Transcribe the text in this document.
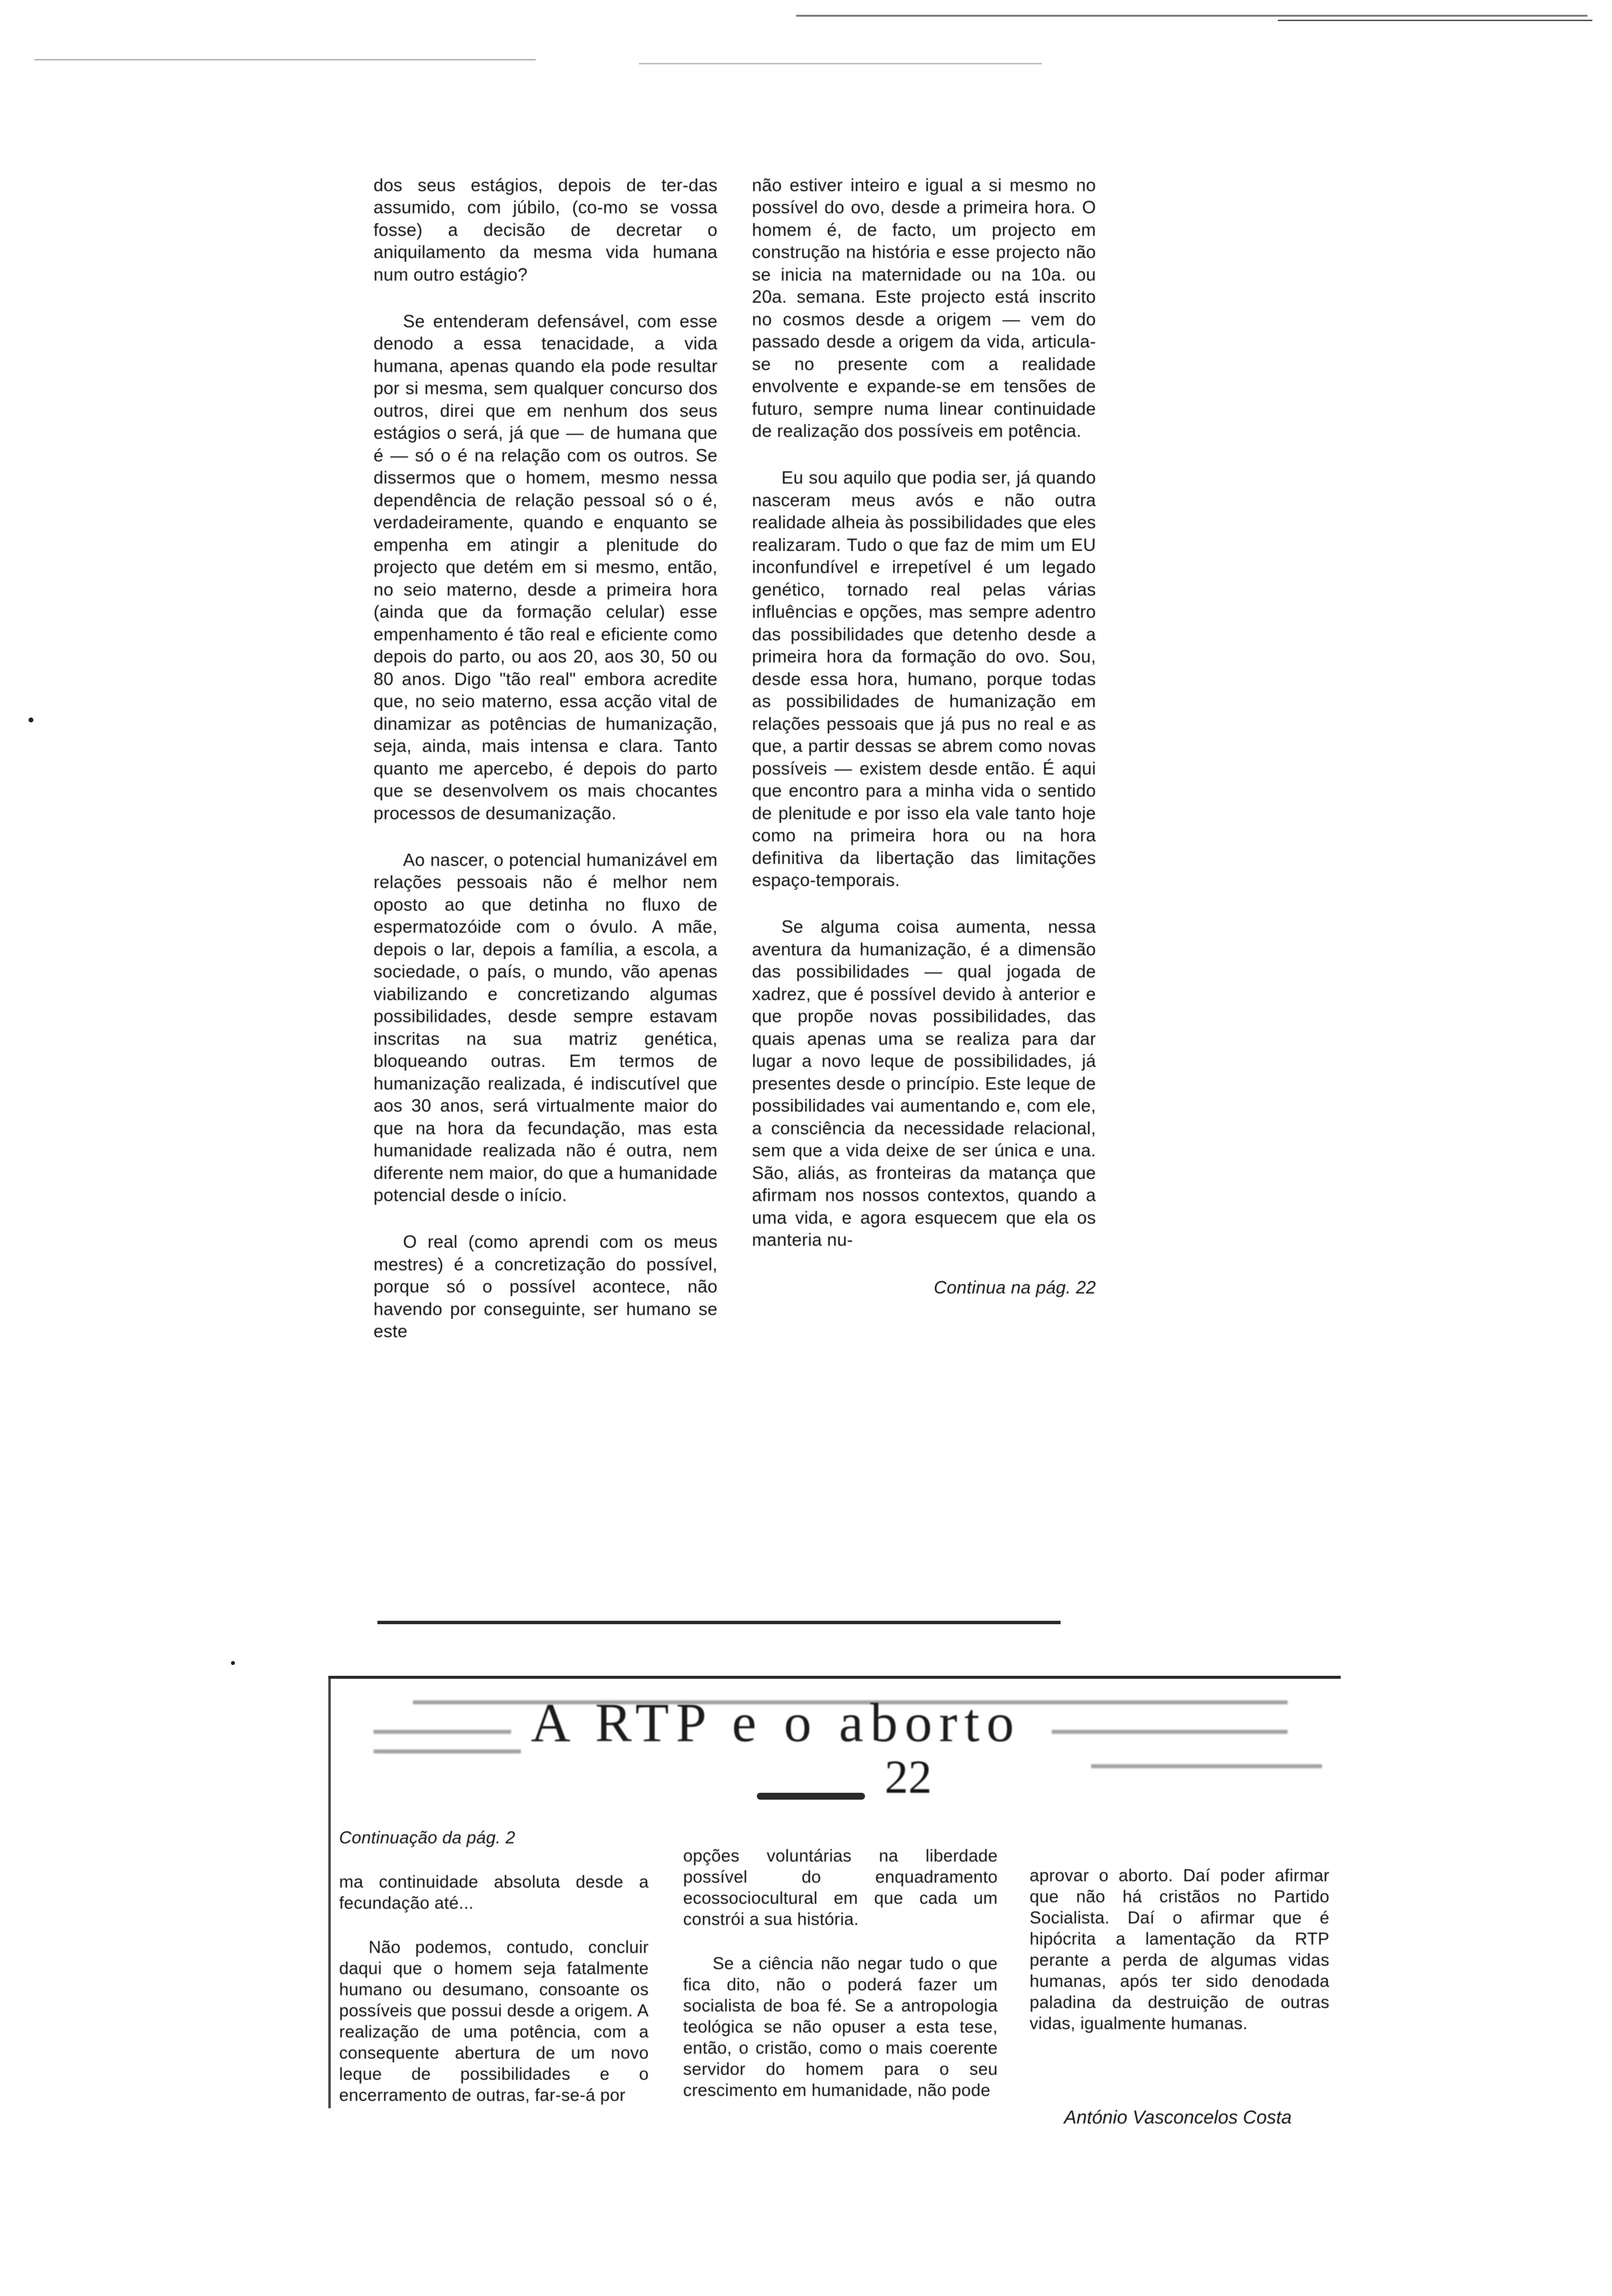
dos seus estágios, depois de ter-das assumido, com júbilo, (co-mo se vossa fosse) a decisão de decretar o aniquilamento da mesma vida humana num outro estágio?

Se entenderam defensável, com esse denodo a essa tenacidade, a vida humana, apenas quando ela pode resultar por si mesma, sem qualquer concurso dos outros, direi que em nenhum dos seus estágios o será, já que — de humana que é — só o é na relação com os outros. Se dissermos que o homem, mesmo nessa dependência de relação pessoal só o é, verdadeiramente, quando e enquanto se empenha em atingir a plenitude do projecto que detém em si mesmo, então, no seio materno, desde a primeira hora (ainda que da formação celular) esse empenhamento é tão real e eficiente como depois do parto, ou aos 20, aos 30, 50 ou 80 anos. Digo "tão real" embora acredite que, no seio materno, essa acção vital de dinamizar as potências de humanização, seja, ainda, mais intensa e clara. Tanto quanto me apercebo, é depois do parto que se desenvolvem os mais chocantes processos de desumanização.

Ao nascer, o potencial humanizável em relações pessoais não é melhor nem oposto ao que detinha no fluxo de espermatozóide com o óvulo. A mãe, depois o lar, depois a família, a escola, a sociedade, o país, o mundo, vão apenas viabilizando e concretizando algumas possibilidades, desde sempre estavam inscritas na sua matriz genética, bloqueando outras. Em termos de humanização realizada, é indiscutível que aos 30 anos, será virtualmente maior do que na hora da fecundação, mas esta humanidade realizada não é outra, nem diferente nem maior, do que a humanidade potencial desde o início.

O real (como aprendi com os meus mestres) é a concretização do possível, porque só o possível acontece, não havendo por conseguinte, ser humano se este

não estiver inteiro e igual a si mesmo no possível do ovo, desde a primeira hora. O homem é, de facto, um projecto em construção na história e esse projecto não se inicia na maternidade ou na 10a. ou 20a. semana. Este projecto está inscrito no cosmos desde a origem — vem do passado desde a origem da vida, articula-se no presente com a realidade envolvente e expande-se em tensões de futuro, sempre numa linear continuidade de realização dos possíveis em potência.

Eu sou aquilo que podia ser, já quando nasceram meus avós e não outra realidade alheia às possibilidades que eles realizaram. Tudo o que faz de mim um EU inconfundível e irrepetível é um legado genético, tornado real pelas várias influências e opções, mas sempre adentro das possibilidades que detenho desde a primeira hora da formação do ovo. Sou, desde essa hora, humano, porque todas as possibilidades de humanização em relações pessoais que já pus no real e as que, a partir dessas se abrem como novas possíveis — existem desde então. É aqui que encontro para a minha vida o sentido de plenitude e por isso ela vale tanto hoje como na primeira hora ou na hora definitiva da libertação das limitações espaço-temporais.

Se alguma coisa aumenta, nessa aventura da humanização, é a dimensão das possibilidades — qual jogada de xadrez, que é possível devido à anterior e que propõe novas possibilidades, das quais apenas uma se realiza para dar lugar a novo leque de possibilidades, já presentes desde o princípio. Este leque de possibilidades vai aumentando e, com ele, a consciência da necessidade relacional, sem que a vida deixe de ser única e una. São, aliás, as fronteiras da matança que afirmam nos nossos contextos, quando a uma vida, e agora esquecem que ela os manteria nu-

Continua na pág. 22

A RTP e o aborto
22

Continuação da pág. 2

ma continuidade absoluta desde a fecundação até...

Não podemos, contudo, concluir daqui que o homem seja fatalmente humano ou desumano, consoante os possíveis que possui desde a origem. A realização de uma potência, com a consequente abertura de um novo leque de possibilidades e o encerramento de outras, far-se-á por

opções voluntárias na liberdade possível do enquadramento ecossociocultural em que cada um constrói a sua história.

Se a ciência não negar tudo o que fica dito, não o poderá fazer um socialista de boa fé. Se a antropologia teológica se não opuser a esta tese, então, o cristão, como o mais coerente servidor do homem para o seu crescimento em humanidade, não pode

aprovar o aborto. Daí poder afirmar que não há cristãos no Partido Socialista. Daí o afirmar que é hipócrita a lamentação da RTP perante a perda de algumas vidas humanas, após ter sido denodada paladina da destruição de outras vidas, igualmente humanas.

António Vasconcelos Costa
